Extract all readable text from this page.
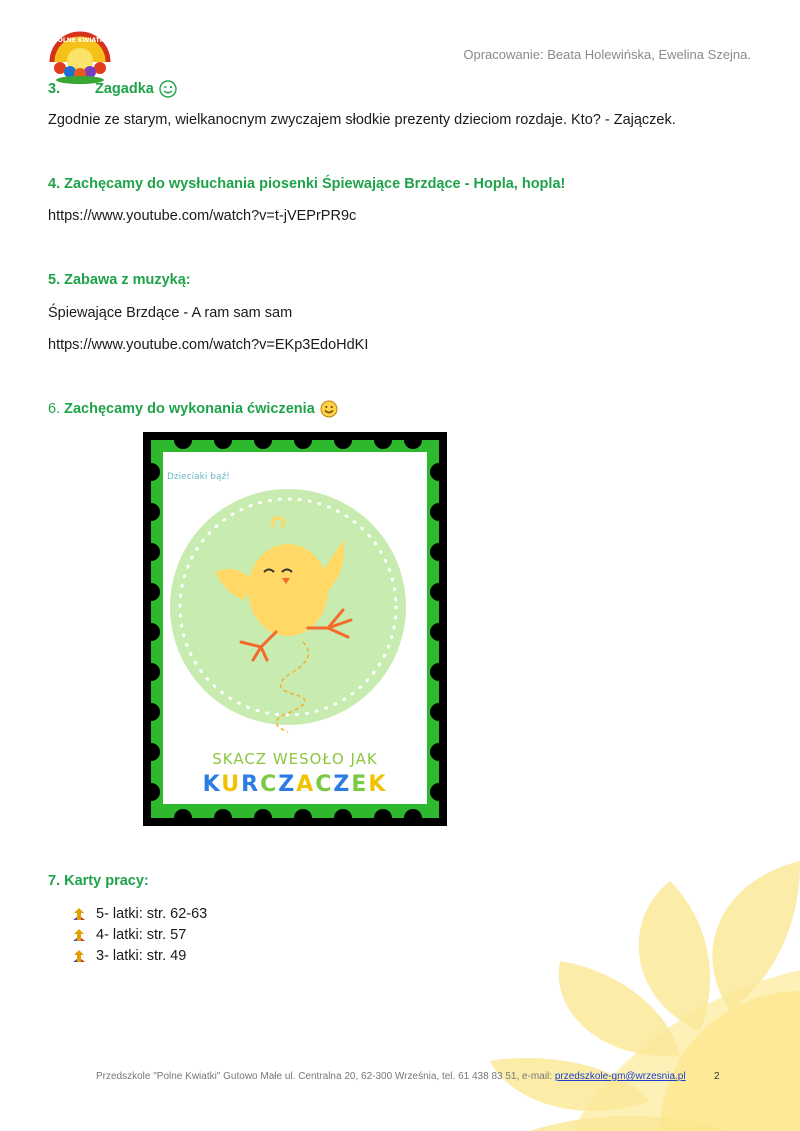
POLNE KWIATKI
Opracowanie: Beata Holewińska, Ewelina Szejna.
3.	Zagadka
Zgodnie ze starym, wielkanocnym zwyczajem słodkie prezenty dzieciom rozdaje. Kto? - Zajączek.
4. Zachęcamy do wysłuchania piosenki Śpiewające Brzdące - Hopla, hopla!
https://www.youtube.com/watch?v=t-jVEPrPR9c
5. Zabawa z muzyką:
Śpiewające Brzdące - A ram sam sam
https://www.youtube.com/watch?v=EKp3EdoHdKI
6.
Zachęcamy do wykonania ćwiczenia
Dzieciaki bąź!
SKACZ WESOŁO JAK
KURCZACZEK
7. Karty pracy:
5- latki: str. 62-63
4- latki: str. 57
3- latki: str. 49
Przedszkole "Polne Kwiatki" Gutowo Małe ul. Centralna 20, 62-300 Września, tel. 61 438 83 51, e-mail: przedszkole-gm@wrzesnia.pl	2
